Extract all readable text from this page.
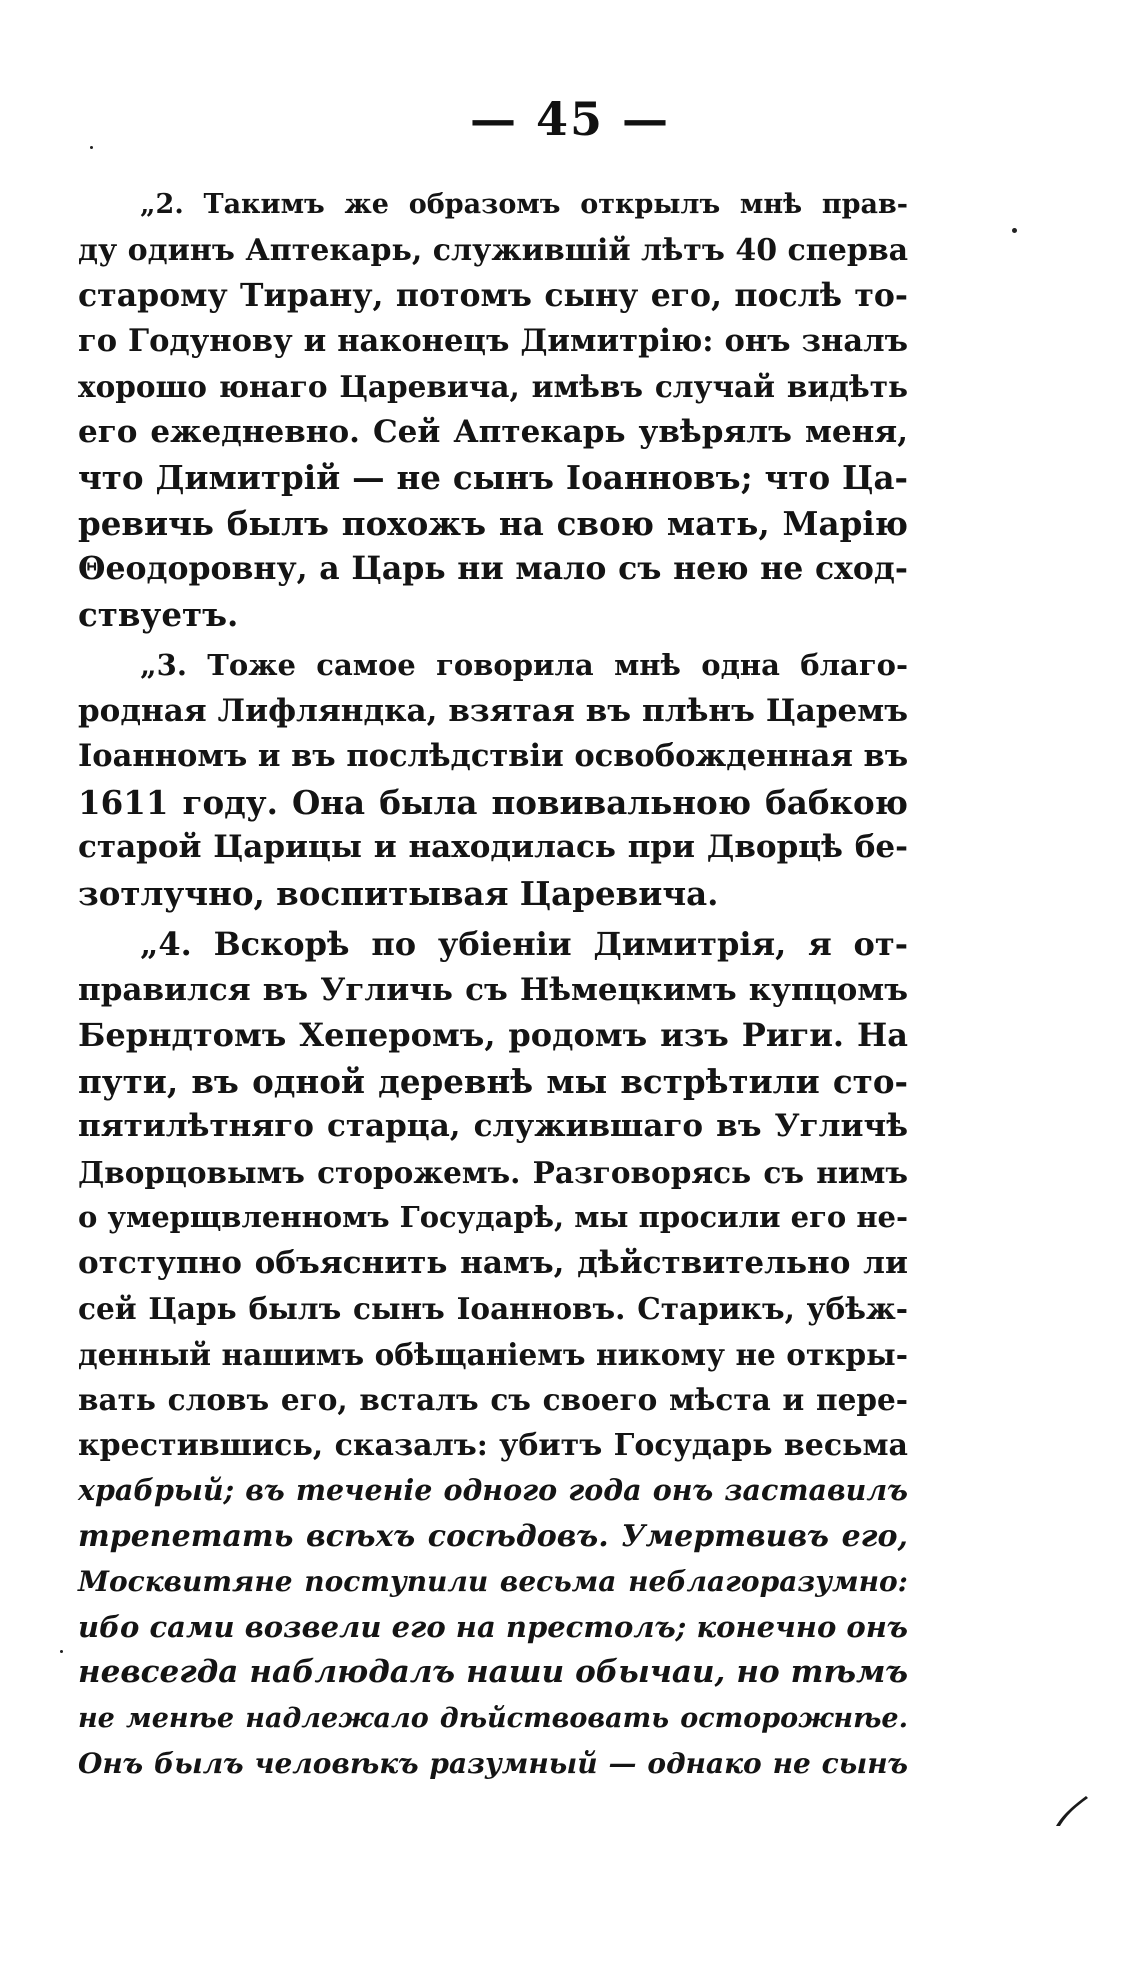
— 45 —
„2. Такимъ же образомъ открылъ мнѣ прав-
ду одинъ Аптекарь, служившій лѣтъ 40 сперва
старому Тирану, потомъ сыну его, послѣ то-
го Годунову и наконецъ Димитрію: онъ зналъ
хорошо юнаго Царевича, имѣвъ случай видѣть
его ежедневно. Сей Аптекарь увѣрялъ меня,
что Димитрій — не сынъ Іоанновъ; что Ца-
ревичь былъ похожъ на свою мать, Марію
Θеодоровну, а Царь ни мало съ нею не сход-
ствуетъ.
„3. Тоже самое говорила мнѣ одна благо-
родная Лифляндка, взятая въ плѣнъ Царемъ
Іоанномъ и въ послѣдствіи освобожденная въ
1611 году. Она была повивальною бабкою
старой Царицы и находилась при Дворцѣ бе-
зотлучно, воспитывая Царевича.
„4. Вскорѣ по убіеніи Димитрія, я от-
правился въ Угличь съ Нѣмецкимъ купцомъ
Берндтомъ Хеперомъ, родомъ изъ Риги. На
пути, въ одной деревнѣ мы встрѣтили сто-
пятилѣтняго старца, служившаго въ Угличѣ
Дворцовымъ сторожемъ. Разговорясь съ нимъ
о умерщвленномъ Государѣ, мы просили его не-
отступно объяснить намъ, дѣйствительно ли
сей Царь былъ сынъ Іоанновъ. Старикъ, убѣж-
денный нашимъ обѣщаніемъ никому не откры-
вать словъ его, всталъ съ своего мѣста и пере-
крестившись, сказалъ: убитъ Государь весьма
храбрый; въ теченіе одного года онъ заставилъ
трепетать всѣхъ сосѣдовъ. Умертвивъ его,
Москвитяне поступили весьма неблагоразумно:
ибо сами возвели его на престолъ; конечно онъ
невсегда наблюдалъ наши обычаи, но тѣмъ
не менѣе надлежало дѣйствовать осторожнѣе.
Онъ былъ человѣкъ разумный — однако не сынъ
